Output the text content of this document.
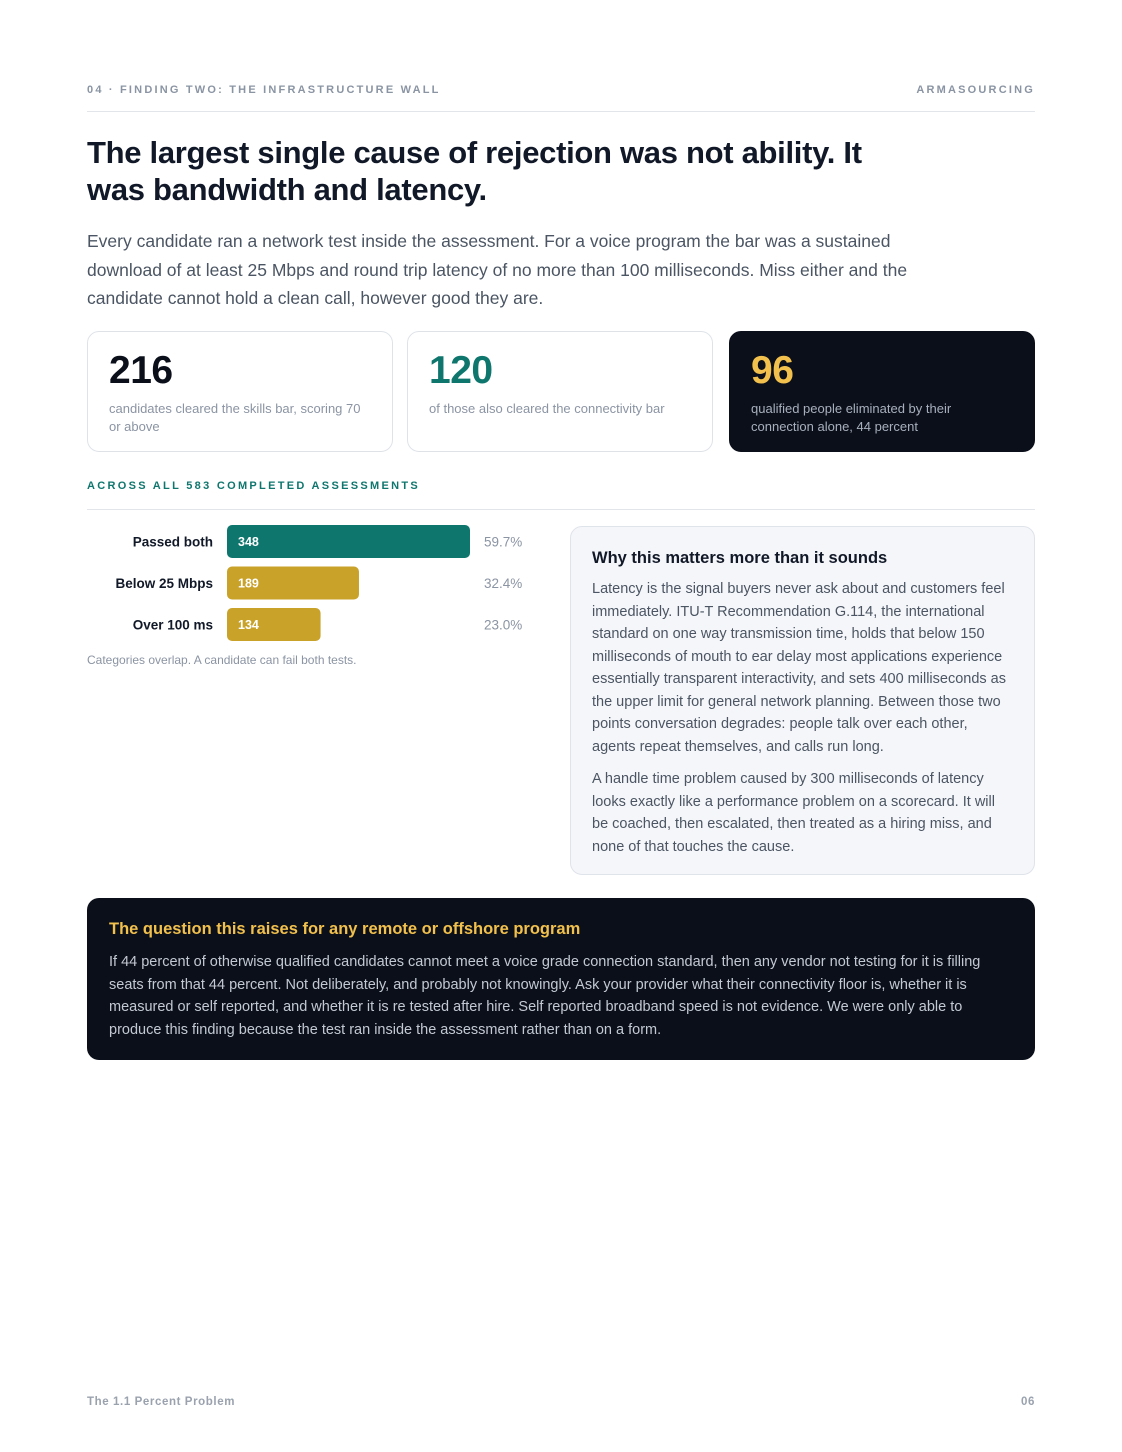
04 · FINDING TWO: THE INFRASTRUCTURE WALL	ARMASOURCING
The largest single cause of rejection was not ability. It was bandwidth and latency.

Every candidate ran a network test inside the assessment. For a voice program the bar was a sustained download of at least 25 Mbps and round trip latency of no more than 100 milliseconds. Miss either and the candidate cannot hold a clean call, however good they are.

216
candidates cleared the skills bar, scoring 70 or above
120
of those also cleared the connectivity bar
96
qualified people eliminated by their connection alone, 44 percent
ACROSS ALL 583 COMPLETED ASSESSMENTS
Passed both 348	59.7%
Below 25 Mbps 189	32.4%
Over 100 ms 134	23.0%
Categories overlap. A candidate can fail both tests.
Why this matters more than it sounds

Latency is the signal buyers never ask about and customers feel immediately. ITU-T Recommendation G.114, the international standard on one way transmission time, holds that below 150 milliseconds of mouth to ear delay most applications experience essentially transparent interactivity, and sets 400 milliseconds as the upper limit for general network planning. Between those two points conversation degrades: people talk over each other, agents repeat themselves, and calls run long.

A handle time problem caused by 300 milliseconds of latency looks exactly like a performance problem on a scorecard. It will be coached, then escalated, then treated as a hiring miss, and none of that touches the cause.

The question this raises for any remote or offshore program

If 44 percent of otherwise qualified candidates cannot meet a voice grade connection standard, then any vendor not testing for it is filling seats from that 44 percent. Not deliberately, and probably not knowingly. Ask your provider what their connectivity floor is, whether it is measured or self reported, and whether it is re tested after hire. Self reported broadband speed is not evidence. We were only able to produce this finding because the test ran inside the assessment rather than on a form.

The 1.1 Percent Problem	06
